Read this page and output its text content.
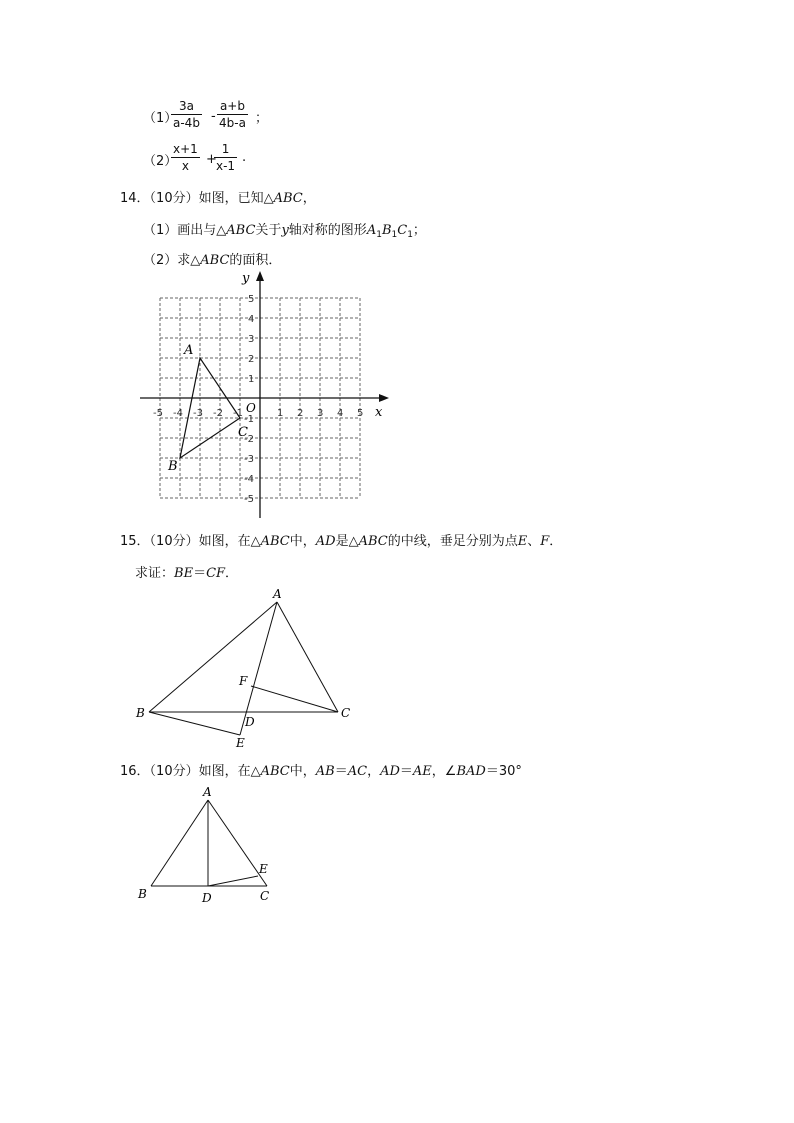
（1）
$\frac{3a}{a-4b} - \frac{a+b}{4b-a}$ ；
（2）
$\frac{x+1}{x}$ +
$\frac{1}{x-1}$ .
14．（10分）如图，已知△ABC，
（1）画出与△ABC关于y轴对称的图形$A_1B_1C_1$；
（2）求△ABC的面积．
x
y
O
-5 -4 -3 -2 -1	1 2 3 4 5
5
4
3
2
1
-1
-2
-3
-4
-5
A
B
C
15．（10分）如图，在△ABC中，AD是△ABC的中线，垂足分别为点E、F．
求证：BE＝CF．
A
B	C
D
E
F
16．（10分）如图，在△ABC中，AB＝AC，AD＝AE，∠BAD＝30°
A
B	C
D
E
